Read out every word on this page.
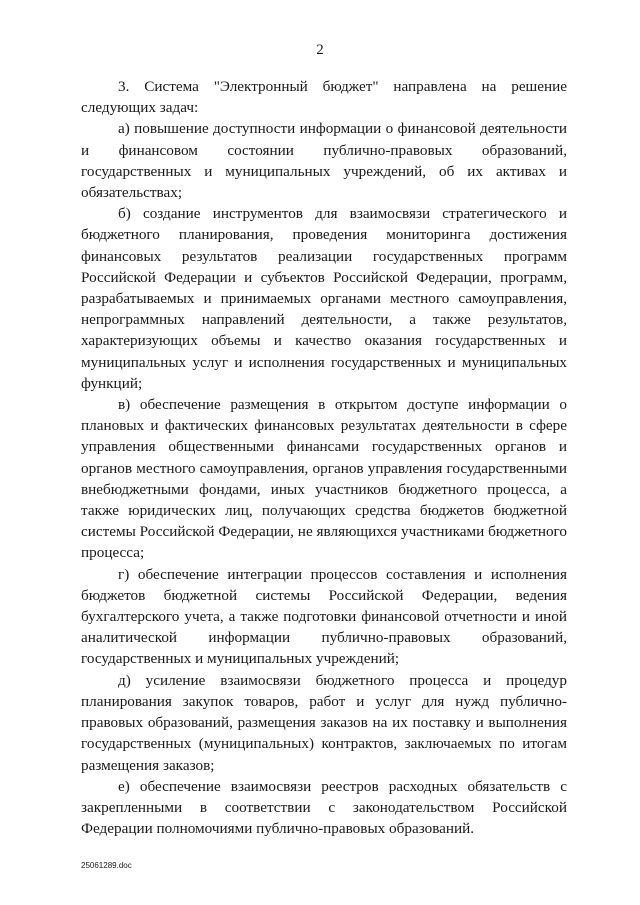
2

3. Система "Электронный бюджет" направлена на решение следующих задач:

а) повышение доступности информации о финансовой деятельности и финансовом состоянии публично-правовых образований, государственных и муниципальных учреждений, об их активах и обязательствах;

б) создание инструментов для взаимосвязи стратегического и бюджетного планирования, проведения мониторинга достижения финансовых результатов реализации государственных программ Российской Федерации и субъектов Российской Федерации, программ, разрабатываемых и принимаемых органами местного самоуправления, непрограммных направлений деятельности, а также результатов, характеризующих объемы и качество оказания государственных и муниципальных услуг и исполнения государственных и муниципальных функций;

в) обеспечение размещения в открытом доступе информации о плановых и фактических финансовых результатах деятельности в сфере управления общественными финансами государственных органов и органов местного самоуправления, органов управления государственными внебюджетными фондами, иных участников бюджетного процесса, а также юридических лиц, получающих средства бюджетов бюджетной системы Российской Федерации, не являющихся участниками бюджетного процесса;

г) обеспечение интеграции процессов составления и исполнения бюджетов бюджетной системы Российской Федерации, ведения бухгалтерского учета, а также подготовки финансовой отчетности и иной аналитической информации публично-правовых образований, государственных и муниципальных учреждений;

д) усиление взаимосвязи бюджетного процесса и процедур планирования закупок товаров, работ и услуг для нужд публично-правовых образований, размещения заказов на их поставку и выполнения государственных (муниципальных) контрактов, заключаемых по итогам размещения заказов;

е) обеспечение взаимосвязи реестров расходных обязательств с закрепленными в соответствии с законодательством Российской Федерации полномочиями публично-правовых образований.

25061289.doc
